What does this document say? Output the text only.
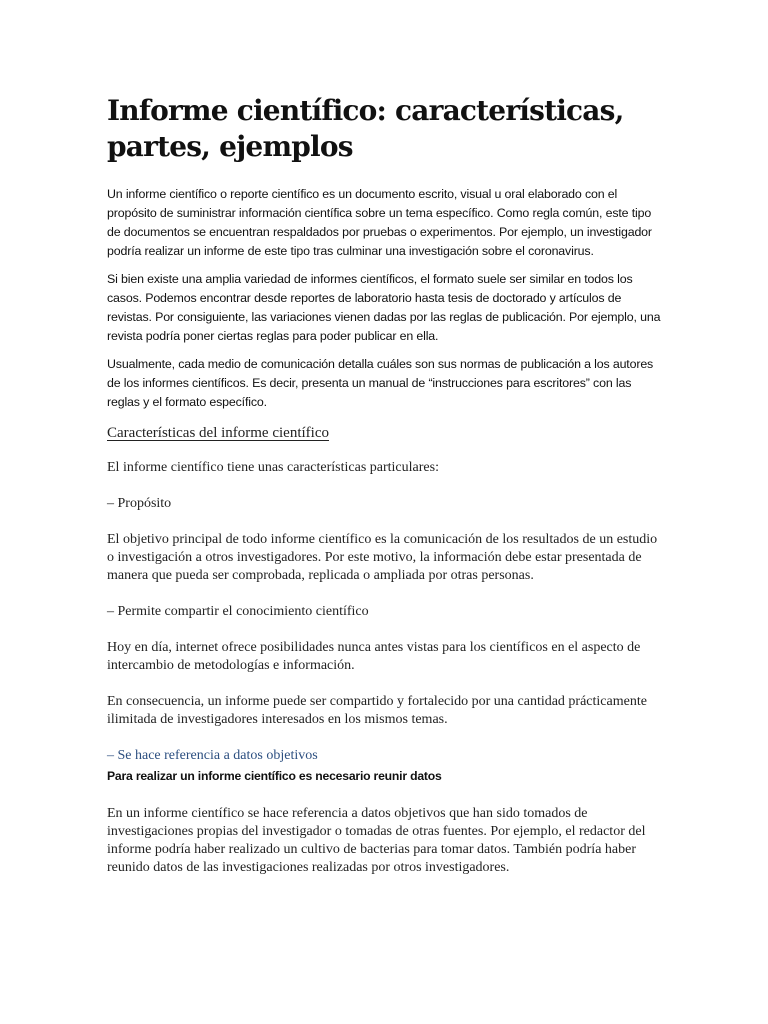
Informe científico: características, partes, ejemplos

Un informe científico o reporte científico es un documento escrito, visual u oral elaborado con el propósito de suministrar información científica sobre un tema específico. Como regla común, este tipo de documentos se encuentran respaldados por pruebas o experimentos. Por ejemplo, un investigador podría realizar un informe de este tipo tras culminar una investigación sobre el coronavirus.

Si bien existe una amplia variedad de informes científicos, el formato suele ser similar en todos los casos. Podemos encontrar desde reportes de laboratorio hasta tesis de doctorado y artículos de revistas. Por consiguiente, las variaciones vienen dadas por las reglas de publicación. Por ejemplo, una revista podría poner ciertas reglas para poder publicar en ella.

Usualmente, cada medio de comunicación detalla cuáles son sus normas de publicación a los autores de los informes científicos. Es decir, presenta un manual de “instrucciones para escritores” con las reglas y el formato específico.

Características del informe científico

El informe científico tiene unas características particulares:

– Propósito

El objetivo principal de todo informe científico es la comunicación de los resultados de un estudio o investigación a otros investigadores. Por este motivo, la información debe estar presentada de manera que pueda ser comprobada, replicada o ampliada por otras personas.

– Permite compartir el conocimiento científico

Hoy en día, internet ofrece posibilidades nunca antes vistas para los científicos en el aspecto de intercambio de metodologías e información.

En consecuencia, un informe puede ser compartido y fortalecido por una cantidad prácticamente ilimitada de investigadores interesados en los mismos temas.

– Se hace referencia a datos objetivos

Para realizar un informe científico es necesario reunir datos

En un informe científico se hace referencia a datos objetivos que han sido tomados de investigaciones propias del investigador o tomadas de otras fuentes. Por ejemplo, el redactor del informe podría haber realizado un cultivo de bacterias para tomar datos. También podría haber reunido datos de las investigaciones realizadas por otros investigadores.
